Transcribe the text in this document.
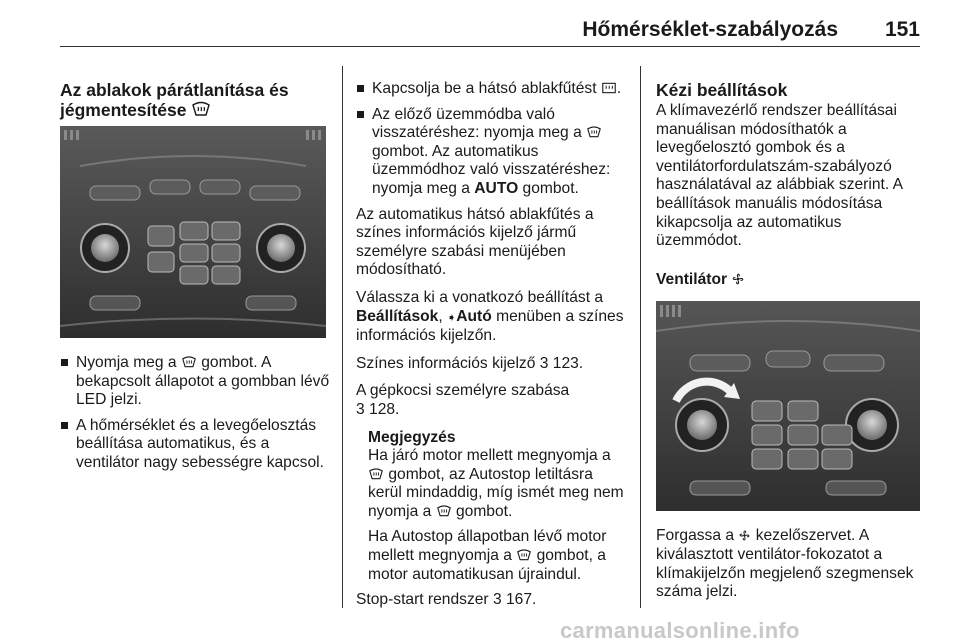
Hőmérséklet-szabályozás 151
Az ablakok párátlanítása és
jégmentesítése
Nyomja meg a gombot. A bekapcsolt állapotot a gombban lévő LED jelzi.
A hőmérséklet és a levegőelosztás beállítása automatikus, és a ventilátor nagy sebességre kapcsol.
Kapcsolja be a hátsó ablakfűtést .
Az előző üzemmódba való visszatéréshez: nyomja meg a  gombot. Az automatikus üzemmódhoz való visszatéréshez: nyomja meg a AUTO gombot.

Az automatikus hátsó ablakfűtés a színes információs kijelző jármű személyre szabási menüjében módosítható.

Válassza ki a vonatkozó beállítást a Beállítások, ➧Autó menüben a színes információs kijelzőn.

Színes információs kijelző 3 123.

A gépkocsi személyre szabása
3 128.

Megjegyzés

Ha járó motor mellett megnyomja a  gombot, az Autostop letiltásra kerül mindaddig, míg ismét meg nem nyomja a gombot.

Ha Autostop állapotban lévő motor mellett megnyomja a gombot, a motor automatikusan újraindul.

Stop-start rendszer 3 167.

Kézi beállítások

A klímavezérlő rendszer beállításai manuálisan módosíthatók a levegőelosztó gombok és a ventilátorfordulatszám-szabályozó használatával az alábbiak szerint. A beállítások manuális módosítása kikapcsolja az automatikus üzemmódot.

Ventilátor

Forgassa a kezelőszervet. A kiválasztott ventilátor-fokozatot a klímakijelzőn megjelenő szegmensek száma jelzi.

carmanualsonline.info
